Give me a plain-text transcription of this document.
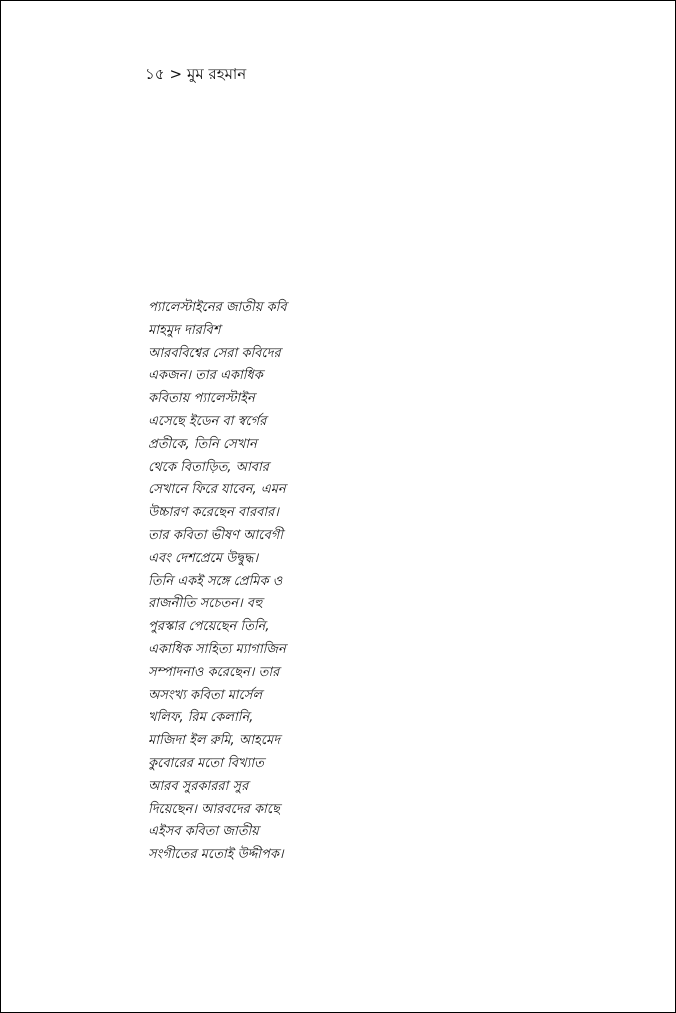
১৫ > মুম রহমান
প্যালেস্টাইনের জাতীয় কবি
মাহমুদ দারবিশ
আরববিশ্বের সেরা কবিদের
একজন। তার একাধিক
কবিতায় প্যালেস্টাইন
এসেছে ইডেন বা স্বর্গের
প্রতীকে, তিনি সেখান
থেকে বিতাড়িত, আবার
সেখানে ফিরে যাবেন, এমন
উচ্চারণ করেছেন বারবার।
তার কবিতা ভীষণ আবেগী
এবং দেশপ্রেমে উদ্বুদ্ধ।
তিনি একই সঙ্গে প্রেমিক ও
রাজনীতি সচেতন। বহু
পুরস্কার পেয়েছেন তিনি,
একাধিক সাহিত্য ম্যাগাজিন
সম্পাদনাও করেছেন। তার
অসংখ্য কবিতা মার্সেল
খলিফ, রিম কেলানি,
মাজিদা ইল রুমি, আহমেদ
কুবোরের মতো বিখ্যাত
আরব সুরকাররা সুর
দিয়েছেন। আরবদের কাছে
এইসব কবিতা জাতীয়
সংগীতের মতোই উদ্দীপক।
